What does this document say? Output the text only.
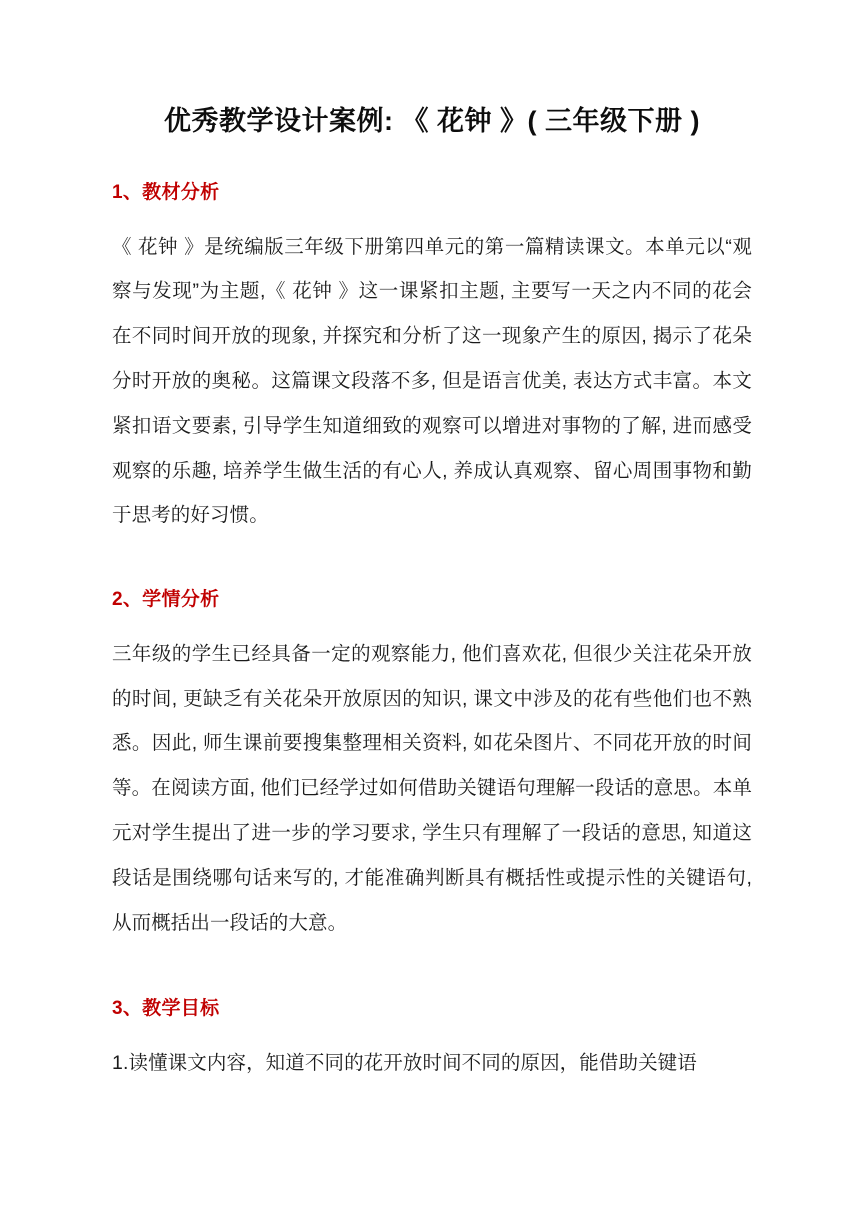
优秀教学设计案例: 《 花钟 》( 三年级下册 )
1、教材分析

《 花钟 》是统编版三年级下册第四单元的第一篇精读课文。本单元以“观察与发现”为主题,《 花钟 》这一课紧扣主题, 主要写一天之内不同的花会在不同时间开放的现象, 并探究和分析了这一现象产生的原因, 揭示了花朵分时开放的奥秘。这篇课文段落不多, 但是语言优美, 表达方式丰富。本文紧扣语文要素, 引导学生知道细致的观察可以增进对事物的了解, 进而感受观察的乐趣, 培养学生做生活的有心人, 养成认真观察、留心周围事物和勤于思考的好习惯。

2、学情分析

三年级的学生已经具备一定的观察能力, 他们喜欢花, 但很少关注花朵开放的时间, 更缺乏有关花朵开放原因的知识, 课文中涉及的花有些他们也不熟悉。因此, 师生课前要搜集整理相关资料, 如花朵图片、不同花开放的时间等。在阅读方面, 他们已经学过如何借助关键语句理解一段话的意思。本单元对学生提出了进一步的学习要求, 学生只有理解了一段话的意思, 知道这段话是围绕哪句话来写的, 才能准确判断具有概括性或提示性的关键语句, 从而概括出一段话的大意。

3、教学目标

1.读懂课文内容，知道不同的花开放时间不同的原因，能借助关键语
